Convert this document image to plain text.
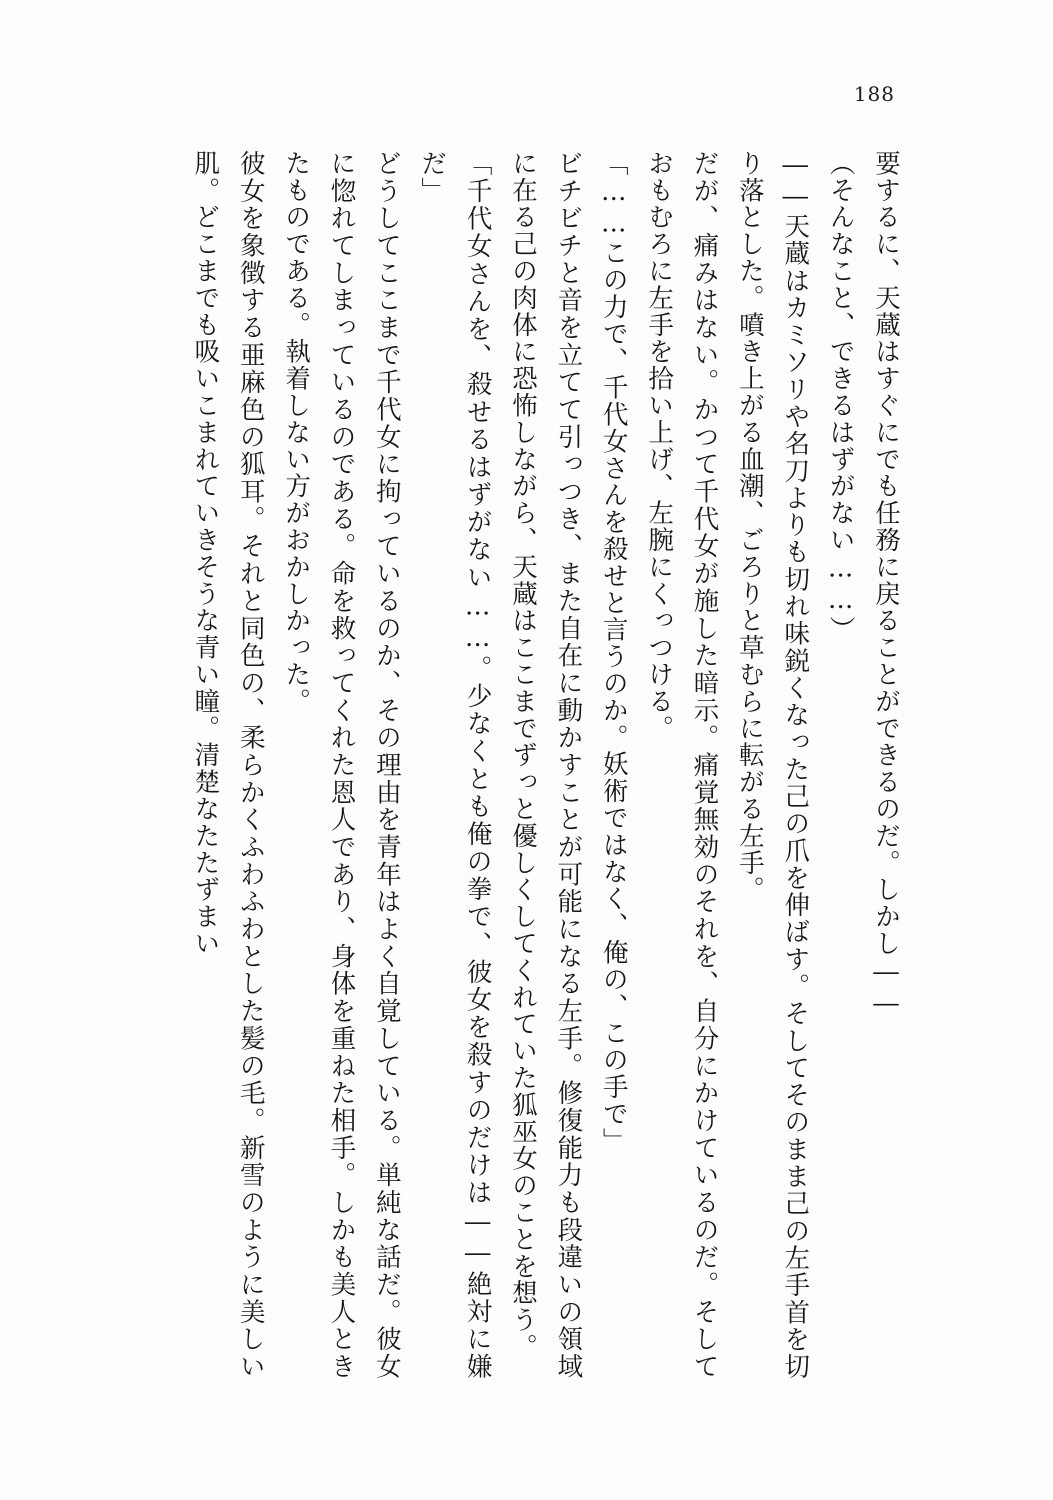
188

要するに、天蔵はすぐにでも任務に戻ることができるのだ。しかし――

（そんなこと、できるはずがない……）

――天蔵はカミソリや名刀よりも切れ味鋭くなった己の爪を伸ばす。そしてそのまま己の左手首を切り落とした。噴き上がる血潮、ごろりと草むらに転がる左手。

だが、痛みはない。かつて千代女が施した暗示。痛覚無効のそれを、自分にかけているのだ。そしておもむろに左手を拾い上げ、左腕にくっつける。

「……この力で、千代女さんを殺せと言うのか。妖術ではなく、俺の、この手で」

ビチビチと音を立てて引っつき、また自在に動かすことが可能になる左手。修復能力も段違いの領域に在る己の肉体に恐怖しながら、天蔵はここまでずっと優しくしてくれていた狐巫女のことを想う。

「千代女さんを、殺せるはずがない……。少なくとも俺の拳で、彼女を殺すのだけは――絶対に嫌だ」

どうしてここまで千代女に拘っているのか、その理由を青年はよく自覚している。単純な話だ。彼女に惚れてしまっているのである。命を救ってくれた恩人であり、身体を重ねた相手。しかも美人ときたものである。執着しない方がおかしかった。

彼女を象徴する亜麻色の狐耳。それと同色の、柔らかくふわふわとした髪の毛。新雪のように美しい肌。どこまでも吸いこまれていきそうな青い瞳。清楚なたたずまい
